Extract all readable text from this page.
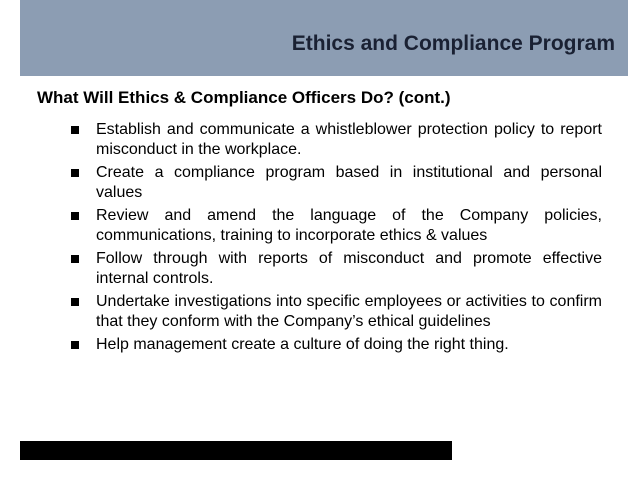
Ethics and Compliance Program
What Will Ethics & Compliance Officers Do? (cont.)
Establish and communicate a whistleblower protection policy to report misconduct in the workplace.
Create a compliance program based in institutional and personal values
Review and amend the language of the Company policies, communications, training to incorporate ethics & values
Follow through with reports of misconduct and promote effective internal controls.
Undertake investigations into specific employees or activities to confirm that they conform with the Company’s ethical guidelines
Help management create a culture of doing the right thing.
